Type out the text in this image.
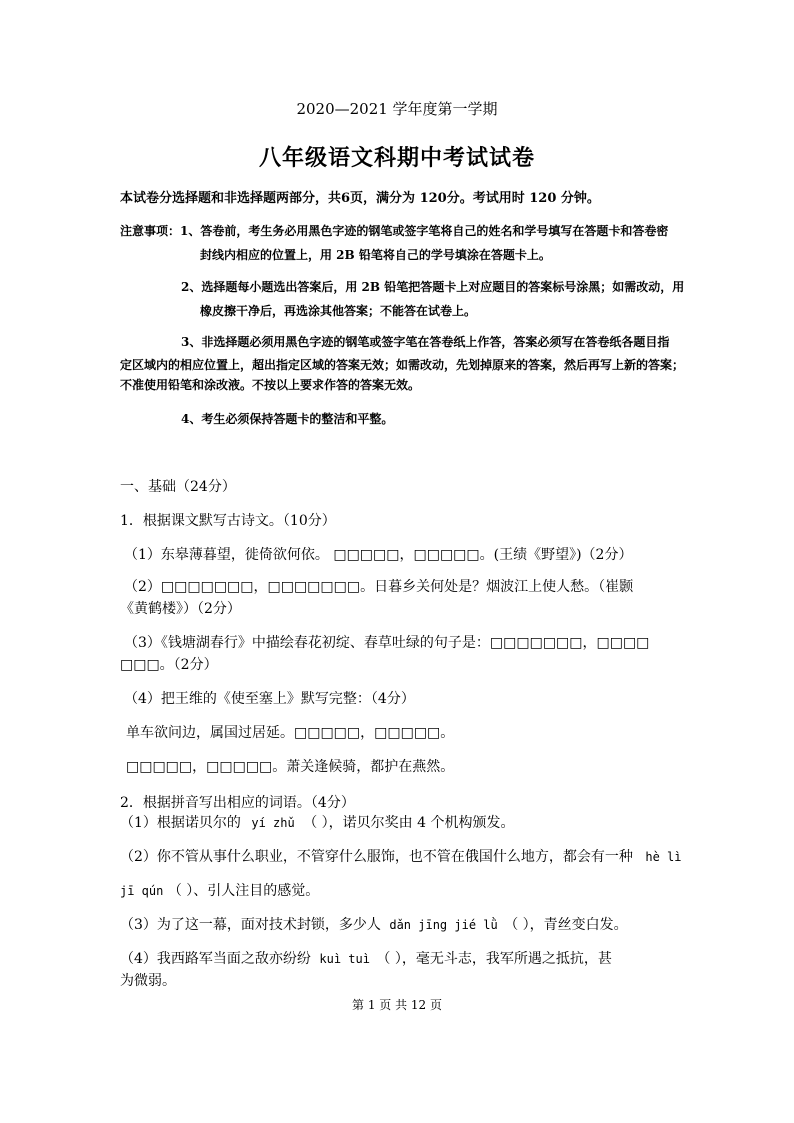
2020—2021 学年度第一学期
八年级语文科期中考试试卷
本试卷分选择题和非选择题两部分，共6页，满分为 120分。考试用时 120 分钟。
注意事项：1、答卷前，考生务必用黑色字迹的钢笔或签字笔将自己的姓名和学号填写在答题卡和答卷密
封线内相应的位置上，用 2B 铅笔将自己的学号填涂在答题卡上。
2、选择题每小题选出答案后，用 2B 铅笔把答题卡上对应题目的答案标号涂黑；如需改动，用
橡皮擦干净后，再选涂其他答案；不能答在试卷上。
3、非选择题必须用黑色字迹的钢笔或签字笔在答卷纸上作答，答案必须写在答卷纸各题目指
定区域内的相应位置上，超出指定区域的答案无效；如需改动，先划掉原来的答案，然后再写上新的答案；
不准使用铅笔和涂改液。不按以上要求作答的答案无效。
4、考生必须保持答题卡的整洁和平整。
一、基础（24分）
1．根据课文默写古诗文。（10分）
（1）东皋薄暮望，徙倚欲何依。 □□□□□，□□□□□。(王绩《野望》)（2分）
（2）□□□□□□□，□□□□□□□。日暮乡关何处是？烟波江上使人愁。（崔颢
《黄鹤楼》）（2分）
（3）《钱塘湖春行》中描绘春花初绽、春草吐绿的句子是：□□□□□□□，□□□□
□□□。（2分）
（4）把王维的《使至塞上》默写完整：（4分）
单车欲问边，属国过居延。□□□□□，□□□□□。
□□□□□，□□□□□。萧关逢候骑，都护在燕然。
2．根据拼音写出相应的词语。（4分）
（1）根据诺贝尔的 yí zhǔ （ ），诺贝尔奖由 4 个机构颁发。
（2）你不管从事什么职业，不管穿什么服饰，也不管在俄国什么地方，都会有一种 hè lì
jī qún （ ）、引人注目的感觉。
（3）为了这一幕，面对技术封锁，多少人 dǎn jīng jié lǜ （ ），青丝变白发。
（4）我西路军当面之敌亦纷纷 kuì tuì （ ），毫无斗志，我军所遇之抵抗，甚
为微弱。
第 1 页 共 12 页
